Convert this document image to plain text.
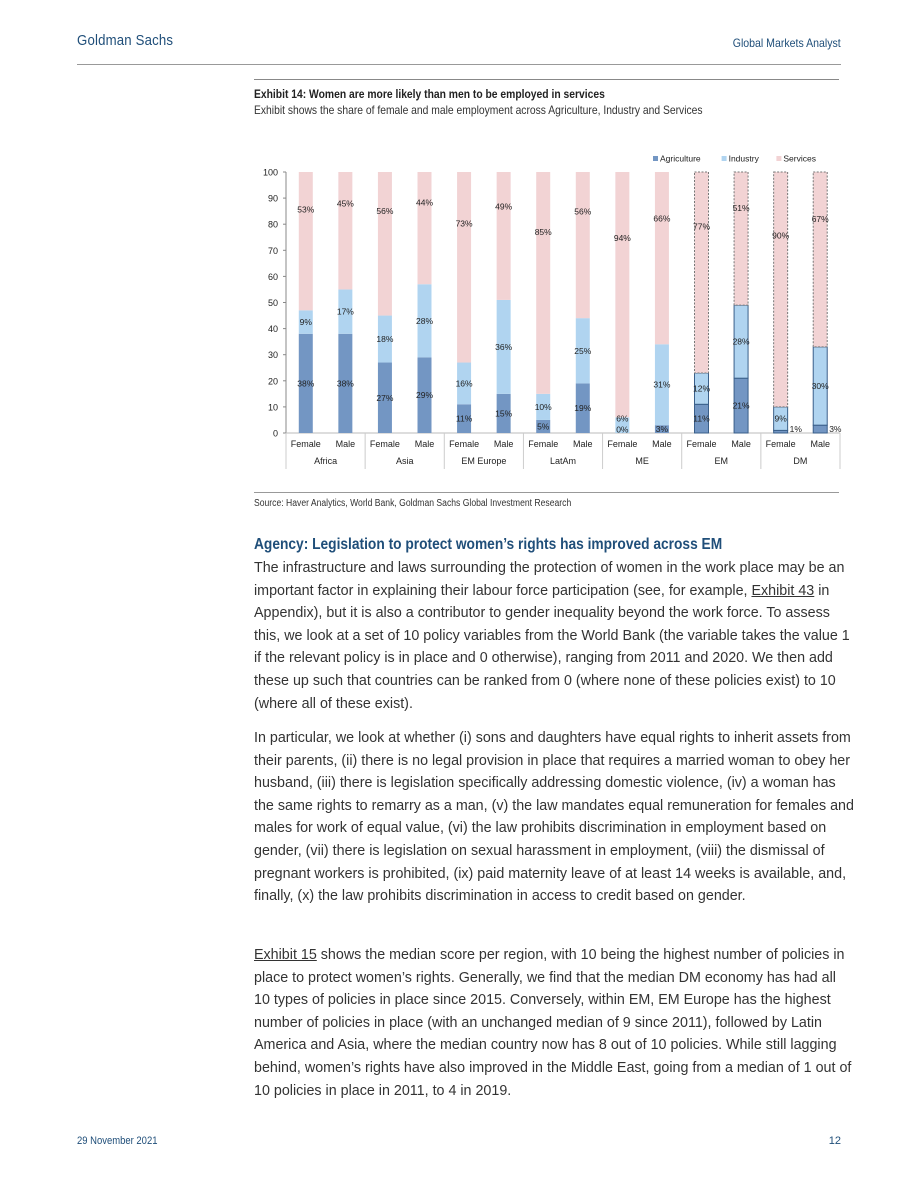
Goldman Sachs	Global Markets Analyst
Exhibit 14: Women are more likely than men to be employed in services
Exhibit shows the share of female and male employment across Agriculture, Industry and Services
0
10
20
30
40
50
60
70
80
90
100
38%
9%
53%
Female
38%
17%
45%
Male
27%
18%
56%
Female
29%
28%
44%
Male
11%
16%
73%
Female
15%
36%
49%
Male
5%
10%
85%
Female
19%
25%
56%
Male
0%
6%
94%
Female
3%
31%
66%
Male
11%
12%
77%
Female
21%
28%
51%
Male
1%
9%
90%
Female
3%
30%
67%
Male
Africa	Asia	EM Europe	LatAm	ME	EM	DM
Agriculture	Industry	Services
Source: Haver Analytics, World Bank, Goldman Sachs Global Investment Research
Agency: Legislation to protect women’s rights has improved across EM
The infrastructure and laws surrounding the protection of women in the work place may be an important factor in explaining their labour force participation (see, for example, Exhibit 43 in Appendix), but it is also a contributor to gender inequality beyond the work force. To assess this, we look at a set of 10 policy variables from the World Bank (the variable takes the value 1 if the relevant policy is in place and 0 otherwise), ranging from 2011 and 2020. We then add these up such that countries can be ranked from 0 (where none of these policies exist) to 10 (where all of these exist).
In particular, we look at whether (i) sons and daughters have equal rights to inherit assets from their parents, (ii) there is no legal provision in place that requires a married woman to obey her husband, (iii) there is legislation specifically addressing domestic violence, (iv) a woman has the same rights to remarry as a man, (v) the law mandates equal remuneration for females and males for work of equal value, (vi) the law prohibits discrimination in employment based on gender, (vii) there is legislation on sexual harassment in employment, (viii) the dismissal of pregnant workers is prohibited, (ix) paid maternity leave of at least 14 weeks is available, and, finally, (x) the law prohibits discrimination in access to credit based on gender.
Exhibit 15 shows the median score per region, with 10 being the highest number of policies in place to protect women’s rights. Generally, we find that the median DM economy has had all 10 types of policies in place since 2015. Conversely, within EM, EM Europe has the highest number of policies in place (with an unchanged median of 9 since 2011), followed by Latin America and Asia, where the median country now has 8 out of 10 policies. While still lagging behind, women’s rights have also improved in the Middle East, going from a median of 1 out of 10 policies in place in 2011, to 4 in 2019.
29 November 2021	12
